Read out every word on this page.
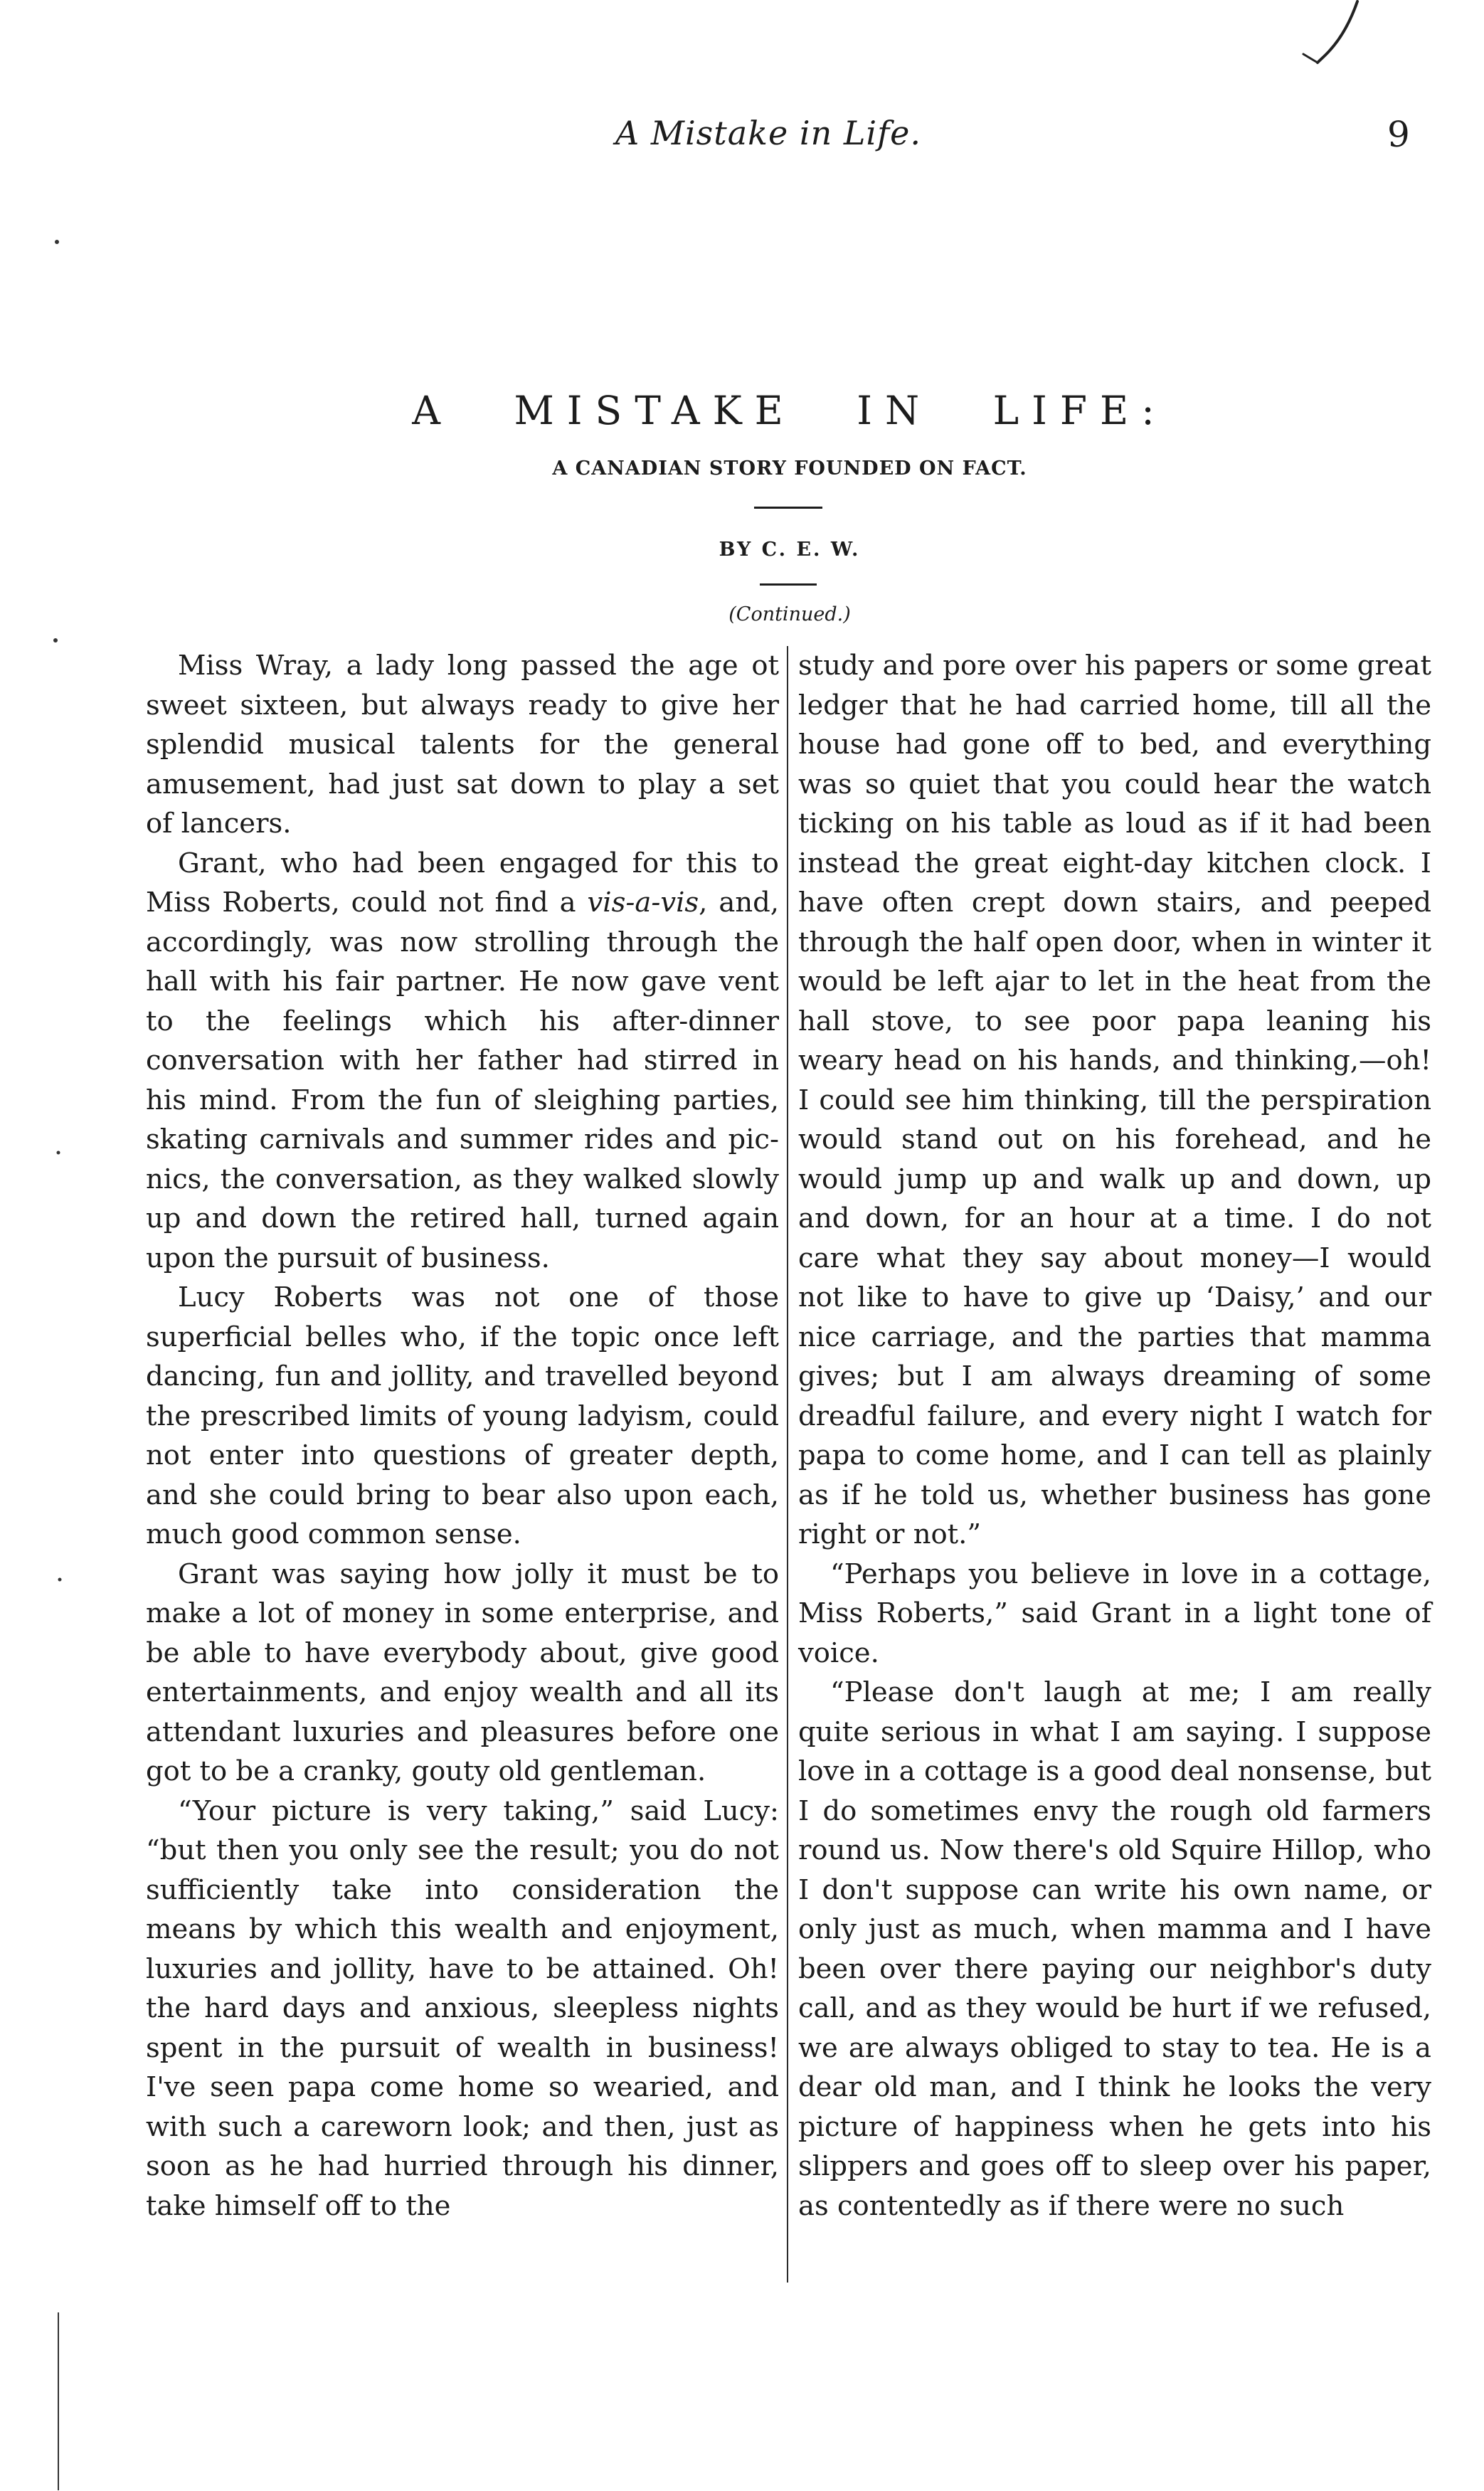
A Mistake in Life.	9
A MISTAKE IN LIFE:
A CANADIAN STORY FOUNDED ON FACT.
BY C. E. W.
(Continued.)

Miss Wray, a lady long passed the age ot sweet sixteen, but always ready to give her splendid musical talents for the general amusement, had just sat down to play a set of lancers.

Grant, who had been engaged for this to Miss Roberts, could not find a vis-a-vis, and, accordingly, was now strolling through the hall with his fair partner. He now gave vent to the feelings which his after-dinner conversation with her father had stirred in his mind. From the fun of sleighing parties, skating carnivals and summer rides and pic-nics, the conversation, as they walked slowly up and down the retired hall, turned again upon the pursuit of business.

Lucy Roberts was not one of those superficial belles who, if the topic once left dancing, fun and jollity, and travelled beyond the prescribed limits of young ladyism, could not enter into questions of greater depth, and she could bring to bear also upon each, much good common sense.

Grant was saying how jolly it must be to make a lot of money in some enterprise, and be able to have everybody about, give good entertainments, and enjoy wealth and all its attendant luxuries and pleasures before one got to be a cranky, gouty old gentleman.

“Your picture is very taking,” said Lucy: “but then you only see the result; you do not sufficiently take into consideration the means by which this wealth and enjoyment, luxuries and jollity, have to be attained. Oh! the hard days and anxious, sleepless nights spent in the pursuit of wealth in business! I've seen papa come home so wearied, and with such a careworn look; and then, just as soon as he had hurried through his dinner, take himself off to the

study and pore over his papers or some great ledger that he had carried home, till all the house had gone off to bed, and everything was so quiet that you could hear the watch ticking on his table as loud as if it had been instead the great eight-day kitchen clock. I have often crept down stairs, and peeped through the half open door, when in winter it would be left ajar to let in the heat from the hall stove, to see poor papa leaning his weary head on his hands, and thinking,—oh! I could see him thinking, till the perspiration would stand out on his forehead, and he would jump up and walk up and down, up and down, for an hour at a time. I do not care what they say about money—I would not like to have to give up ‘Daisy,’ and our nice carriage, and the parties that mamma gives; but I am always dreaming of some dreadful failure, and every night I watch for papa to come home, and I can tell as plainly as if he told us, whether business has gone right or not.”

“Perhaps you believe in love in a cottage, Miss Roberts,” said Grant in a light tone of voice.

“Please don't laugh at me; I am really quite serious in what I am saying. I suppose love in a cottage is a good deal nonsense, but I do sometimes envy the rough old farmers round us. Now there's old Squire Hillop, who I don't suppose can write his own name, or only just as much, when mamma and I have been over there paying our neighbor's duty call, and as they would be hurt if we refused, we are always obliged to stay to tea. He is a dear old man, and I think he looks the very picture of happiness when he gets into his slippers and goes off to sleep over his paper, as contentedly as if there were no such
